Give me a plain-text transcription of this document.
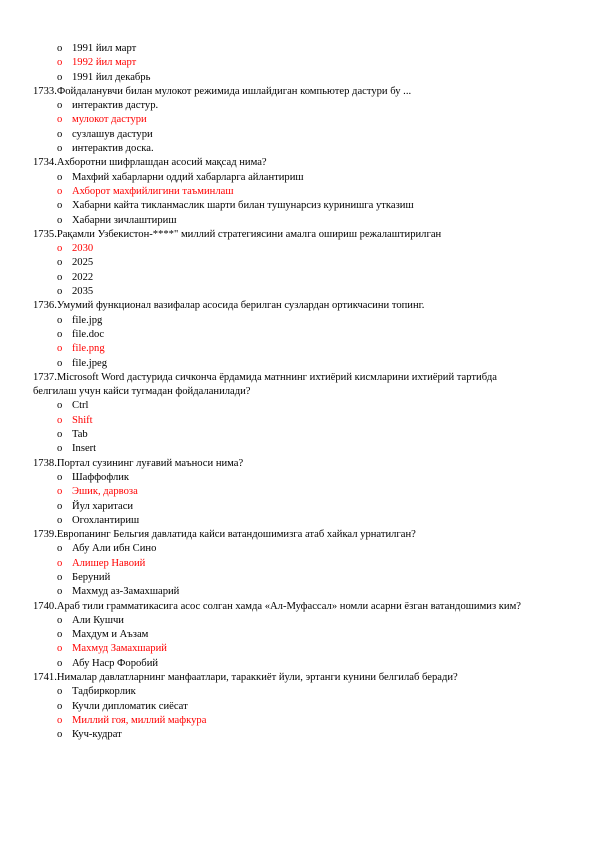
o 1991 йил март
o 1992 йил март
o 1991 йил декабрь
1733.Фойдаланувчи билан мулокот режимида ишлайдиган компьютер дастури бу ...
o интерактив дастур.
o мулокот дастури
o сузлашув дастури
o интерактив доска.
1734.Ахборотни шифрлашдан асосий мақсад нима?
o Махфий хабарларни оддий хабарларга айлантириш
o Ахборот махфийлигини таъминлаш
o Хабарни кайта тикланмаслик шарти билан тушунарсиз куринишга утказиш
o Хабарни зичлаштириш
1735.Рақамли Узбекистон-****" миллий стратегиясини амалга ошириш режалаштирилган
o 2030
o 2025
o 2022
o 2035
1736.Умумий функционал вазифалар асосида берилган сузлардан ортикчасини топинг.
o file.jpg
o file.doc
o file.png
o file.jpeg
1737.Microsoft Word дастурида сичконча ёрдамида матннинг ихтиёрий кисмларини ихтиёрий тартибда белгилаш учун кайси тугмадан фойдаланилади?
o Ctrl
o Shift
o Tab
o Insert
1738.Портал сузининг луғавий маъноси нима?
o Шаффофлик
o Эшик, дарвоза
o Йул харитаси
o Огохлантириш
1739.Европанинг Бельгия давлатида кайси ватандошимизга атаб хайкал урнатилган?
o Абу Али ибн Сино
o Алишер Навоий
o Беруний
o Махмуд аз-Замахшарий
1740.Араб тили грамматикасига асос солган хамда «Ал-Муфассал» номли асарни ёзган ватандошимиз ким?
o Али Кушчи
o Махдум и Аъзам
o Махмуд Замахшарий
o Абу Наср Форобий
1741.Нималар давлатларнинг манфаатлари, тараккиёт йули, эртанги кунини белгилаб беради?
o Тадбиркорлик
o Кучли дипломатик сиёсат
o Миллий гоя, миллий мафкура
o Куч-кудрат
